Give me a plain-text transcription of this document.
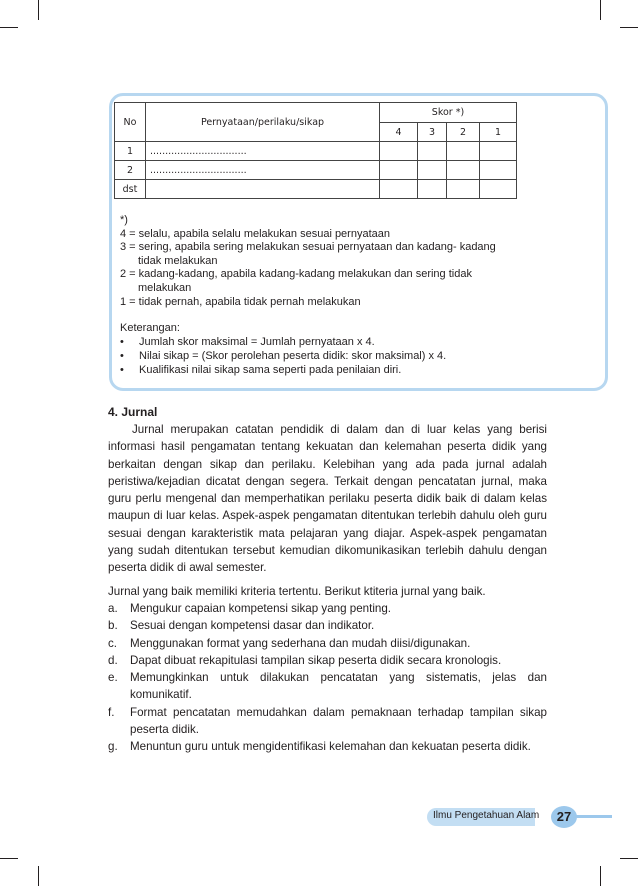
No	Pernyataan/perilaku/sikap	Skor *)			
		4	3	2	1
1	................................				
2	................................				
dst					

*)

4 = selalu, apabila selalu melakukan sesuai pernyataan

3 = sering, apabila sering melakukan sesuai pernyataan dan kadang- kadang

tidak melakukan

2 = kadang-kadang, apabila kadang-kadang melakukan dan sering tidak

melakukan

1 = tidak pernah, apabila tidak pernah melakukan

Keterangan:
•	Jumlah skor maksimal = Jumlah pernyataan x 4.
•	Nilai sikap = (Skor perolehan peserta didik: skor maksimal) x 4.
•	Kualifikasi nilai sikap sama seperti pada penilaian diri.
4. Jurnal

Jurnal merupakan catatan pendidik di dalam dan di luar kelas yang berisi informasi hasil pengamatan tentang kekuatan dan kelemahan peserta didik yang berkaitan dengan sikap dan perilaku. Kelebihan yang ada pada jurnal adalah peristiwa/kejadian dicatat dengan segera. Terkait dengan pencatatan jurnal, maka guru perlu mengenal dan memperhatikan perilaku peserta didik baik di dalam kelas maupun di luar kelas. Aspek-aspek pengamatan ditentukan terlebih dahulu oleh guru sesuai dengan karakteristik mata pelajaran yang diajar. Aspek-aspek pengamatan yang sudah ditentukan tersebut kemudian dikomunikasikan terlebih dahulu dengan peserta didik di awal semester.

Jurnal yang baik memiliki kriteria tertentu. Berikut ktiteria jurnal yang baik.

a.	Mengukur capaian kompetensi sikap yang penting.
b.	Sesuai dengan kompetensi dasar dan indikator.
c.	Menggunakan format yang sederhana dan mudah diisi/digunakan.
d.	Dapat dibuat rekapitulasi tampilan sikap peserta didik secara kronologis.
e.	Memungkinkan untuk dilakukan pencatatan yang sistematis, jelas dan komunikatif.
f.	Format pencatatan memudahkan dalam pemaknaan terhadap tampilan sikap peserta didik.
g.	Menuntun guru untuk mengidentifikasi kelemahan dan kekuatan peserta didik.
Ilmu Pengetahuan Alam	27
